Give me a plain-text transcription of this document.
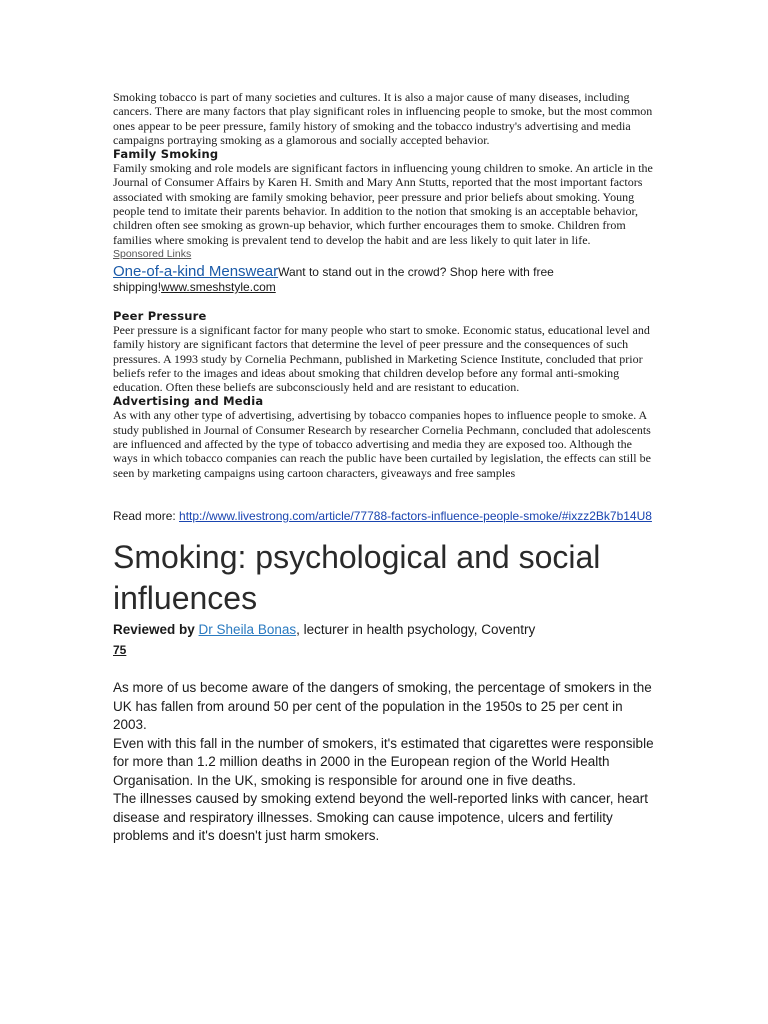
Smoking tobacco is part of many societies and cultures. It is also a major cause of many diseases, including cancers. There are many factors that play significant roles in influencing people to smoke, but the most common ones appear to be peer pressure, family history of smoking and the tobacco industry's advertising and media campaigns portraying smoking as a glamorous and socially accepted behavior.

Family Smoking

Family smoking and role models are significant factors in influencing young children to smoke. An article in the Journal of Consumer Affairs by Karen H. Smith and Mary Ann Stutts, reported that the most important factors associated with smoking are family smoking behavior, peer pressure and prior beliefs about smoking. Young people tend to imitate their parents behavior. In addition to the notion that smoking is an acceptable behavior, children often see smoking as grown-up behavior, which further encourages them to smoke. Children from families where smoking is prevalent tend to develop the habit and are less likely to quit later in life.

Sponsored Links
One-of-a-kind MenswearWant to stand out in the crowd? Shop here with free shipping!www.smeshstyle.com
Peer Pressure

Peer pressure is a significant factor for many people who start to smoke. Economic status, educational level and family history are significant factors that determine the level of peer pressure and the consequences of such pressures. A 1993 study by Cornelia Pechmann, published in Marketing Science Institute, concluded that prior beliefs refer to the images and ideas about smoking that children develop before any formal anti-smoking education. Often these beliefs are subconsciously held and are resistant to education.

Advertising and Media

As with any other type of advertising, advertising by tobacco companies hopes to influence people to smoke. A study published in Journal of Consumer Research by researcher Cornelia Pechmann, concluded that adolescents are influenced and affected by the type of tobacco advertising and media they are exposed too. Although the ways in which tobacco companies can reach the public have been curtailed by legislation, the effects can still be seen by marketing campaigns using cartoon characters, giveaways and free samples

Read more: http://www.livestrong.com/article/77788-factors-influence-people-smoke/#ixzz2Bk7b14U8
Smoking: psychological and social influences
Reviewed by Dr Sheila Bonas, lecturer in health psychology, Coventry
75

As more of us become aware of the dangers of smoking, the percentage of smokers in the UK has fallen from around 50 per cent of the population in the 1950s to 25 per cent in 2003.

Even with this fall in the number of smokers, it's estimated that cigarettes were responsible for more than 1.2 million deaths in 2000 in the European region of the World Health Organisation. In the UK, smoking is responsible for around one in five deaths.

The illnesses caused by smoking extend beyond the well-reported links with cancer, heart disease and respiratory illnesses. Smoking can cause impotence, ulcers and fertility problems and it's doesn't just harm smokers.
